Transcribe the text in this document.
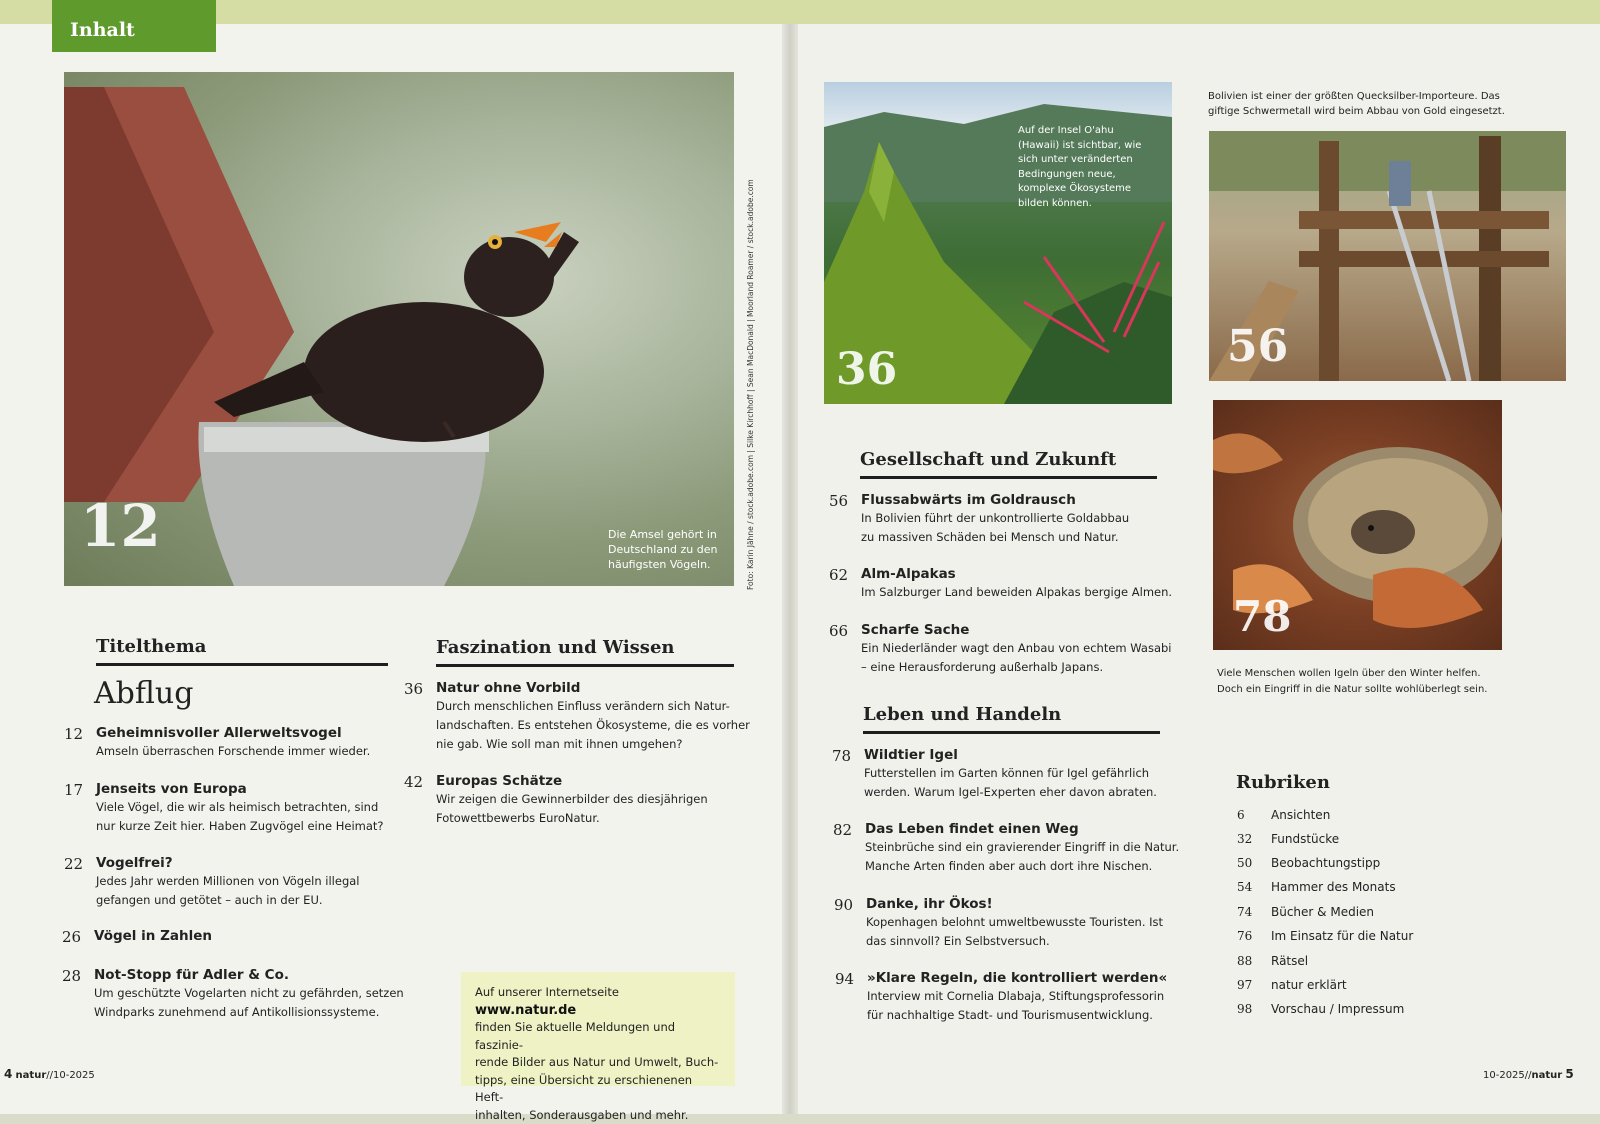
Inhalt
12	Die Amsel gehört in Deutschland zu den häufigsten Vögeln.	Foto: Karin Jähne / stock.adobe.com | Silke Kirchhoff | Sean MacDonald | Moorland Roamer / stock.adobe.com
Titelthema
Abflug
12 Geheimnisvoller Allerweltsvogel
Amseln überraschen Forschende immer wieder.
17 Jenseits von Europa
Viele Vögel, die wir als heimisch betrachten, sind
nur kurze Zeit hier. Haben Zugvögel eine Heimat?
22 Vogelfrei?
Jedes Jahr werden Millionen von Vögeln illegal
gefangen und getötet – auch in der EU.
26 Vögel in Zahlen
28 Not-Stopp für Adler & Co.
Um geschützte Vogelarten nicht zu gefährden, setzen
Windparks zunehmend auf Antikollisionssysteme.
Faszination und Wissen
36 Natur ohne Vorbild
Durch menschlichen Einfluss verändern sich Natur-
landschaften. Es entstehen Ökosysteme, die es vorher
nie gab. Wie soll man mit ihnen umgehen?
42 Europas Schätze
Wir zeigen die Gewinnerbilder des diesjährigen
Fotowettbewerbs EuroNatur.
Auf unserer Internetseite www.natur.de
finden Sie aktuelle Meldungen und faszinie-
rende Bilder aus Natur und Umwelt, Buch-
tipps, eine Übersicht zu erschienenen Heft-
inhalten, Sonderausgaben und mehr.
36
Auf der Insel O'ahu (Hawaii) ist sichtbar, wie sich unter veränderten Bedingungen neue, komplexe Ökosysteme bilden können.
Bolivien ist einer der größten Quecksilber-Importeure. Das giftige Schwermetall wird beim Abbau von Gold eingesetzt.
56
78
Viele Menschen wollen Igeln über den Winter helfen. Doch ein Eingriff in die Natur sollte wohlüberlegt sein.
Gesellschaft und Zukunft
56 Flussabwärts im Goldrausch
In Bolivien führt der unkontrollierte Goldabbau
zu massiven Schäden bei Mensch und Natur.
62 Alm-Alpakas
Im Salzburger Land beweiden Alpakas bergige Almen.
66 Scharfe Sache
Ein Niederländer wagt den Anbau von echtem Wasabi
– eine Herausforderung außerhalb Japans.
Leben und Handeln
78 Wildtier Igel
Futterstellen im Garten können für Igel gefährlich
werden. Warum Igel-Experten eher davon abraten.
82 Das Leben findet einen Weg
Steinbrüche sind ein gravierender Eingriff in die Natur.
Manche Arten finden aber auch dort ihre Nischen.
90 Danke, ihr Ökos!
Kopenhagen belohnt umweltbewusste Touristen. Ist
das sinnvoll? Ein Selbstversuch.
94 »Klare Regeln, die kontrolliert werden«
Interview mit Cornelia Dlabaja, Stiftungsprofessorin
für nachhaltige Stadt- und Tourismusentwicklung.
Rubriken
6 Ansichten
32 Fundstücke
50 Beobachtungstipp
54 Hammer des Monats
74 Bücher & Medien
76 Im Einsatz für die Natur
88 Rätsel
97 natur erklärt
98 Vorschau / Impressum
4 natur//10-2025	10-2025//natur 5
